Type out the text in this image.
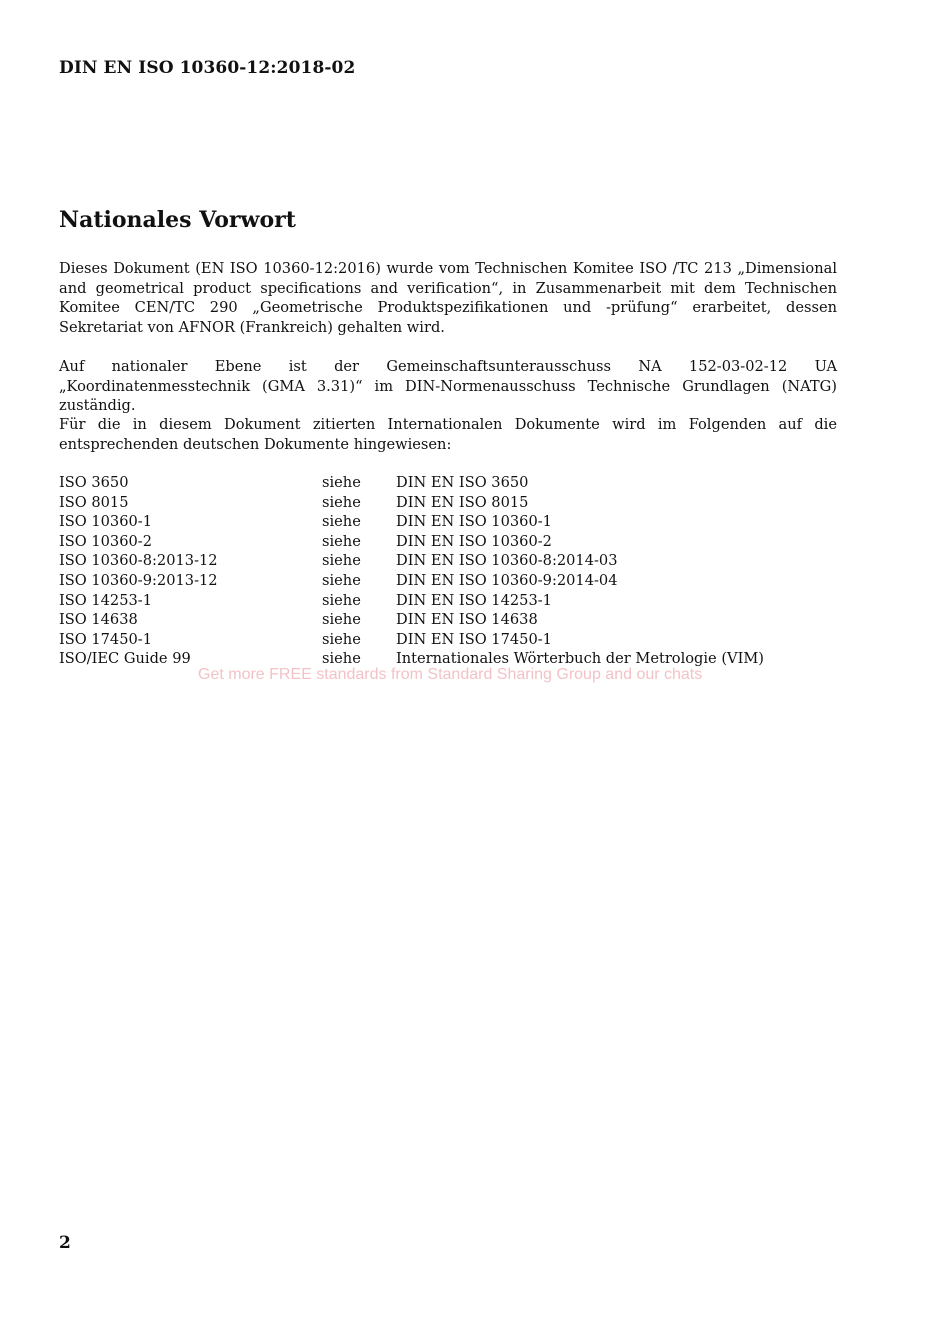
DIN EN ISO 10360-12:2018-02
Nationales Vorwort

Dieses Dokument (EN ISO 10360-12:2016) wurde vom Technischen Komitee ISO /TC 213 „Dimensional and geometrical product specifications and verification“, in Zusammenarbeit mit dem Technischen Komitee CEN/TC 290 „Geometrische Produktspezifikationen und -prüfung“ erarbeitet, dessen Sekretariat von AFNOR (Frankreich) gehalten wird.

Auf nationaler Ebene ist der Gemeinschaftsunterausschuss NA 152-03-02-12 UA „Koordinatenmesstechnik (GMA 3.31)“ im DIN-Normenausschuss Technische Grundlagen (NATG) zuständig.

Für die in diesem Dokument zitierten Internationalen Dokumente wird im Folgenden auf die entsprechenden deutschen Dokumente hingewiesen:

ISO 3650	siehe	DIN EN ISO 3650
ISO 8015	siehe	DIN EN ISO 8015
ISO 10360-1	siehe	DIN EN ISO 10360-1
ISO 10360-2	siehe	DIN EN ISO 10360-2
ISO 10360-8:2013-12	siehe	DIN EN ISO 10360-8:2014-03
ISO 10360-9:2013-12	siehe	DIN EN ISO 10360-9:2014-04
ISO 14253-1	siehe	DIN EN ISO 14253-1
ISO 14638	siehe	DIN EN ISO 14638
ISO 17450-1	siehe	DIN EN ISO 17450-1
ISO/IEC Guide 99	siehe	Internationales Wörterbuch der Metrologie (VIM)
Get more FREE standards from Standard Sharing Group and our chats
2
